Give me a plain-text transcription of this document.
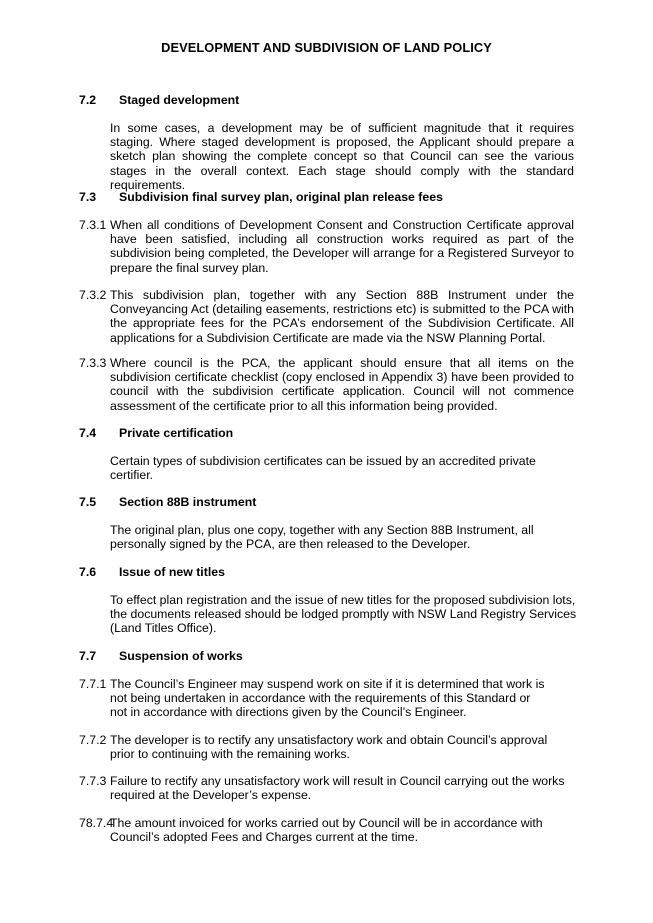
DEVELOPMENT AND SUBDIVISION OF LAND POLICY
7.2 Staged development
In some cases, a development may be of sufficient magnitude that it requires staging. Where staged development is proposed, the Applicant should prepare a sketch plan showing the complete concept so that Council can see the various stages in the overall context. Each stage should comply with the standard requirements.
7.3 Subdivision final survey plan, original plan release fees
7.3.1 When all conditions of Development Consent and Construction Certificate approval have been satisfied, including all construction works required as part of the subdivision being completed, the Developer will arrange for a Registered Surveyor to prepare the final survey plan.
7.3.2 This subdivision plan, together with any Section 88B Instrument under the Conveyancing Act (detailing easements, restrictions etc) is submitted to the PCA with the appropriate fees for the PCA’s endorsement of the Subdivision Certificate. All applications for a Subdivision Certificate are made via the NSW Planning Portal.
7.3.3 Where council is the PCA, the applicant should ensure that all items on the subdivision certificate checklist (copy enclosed in Appendix 3) have been provided to council with the subdivision certificate application. Council will not commence assessment of the certificate prior to all this information being provided.
7.4 Private certification
Certain types of subdivision certificates can be issued by an accredited private certifier.
7.5 Section 88B instrument
The original plan, plus one copy, together with any Section 88B Instrument, all personally signed by the PCA, are then released to the Developer.
7.6 Issue of new titles
To effect plan registration and the issue of new titles for the proposed subdivision lots, the documents released should be lodged promptly with NSW Land Registry Services (Land Titles Office).
7.7 Suspension of works
7.7.1 The Council’s Engineer may suspend work on site if it is determined that work is not being undertaken in accordance with the requirements of this Standard or not in accordance with directions given by the Council’s Engineer.
7.7.2 The developer is to rectify any unsatisfactory work and obtain Council’s approval prior to continuing with the remaining works.
7.7.3 Failure to rectify any unsatisfactory work will result in Council carrying out the works required at the Developer’s expense.
78.7.4
The amount invoiced for works carried out by Council will be in accordance with Council’s adopted Fees and Charges current at the time.
